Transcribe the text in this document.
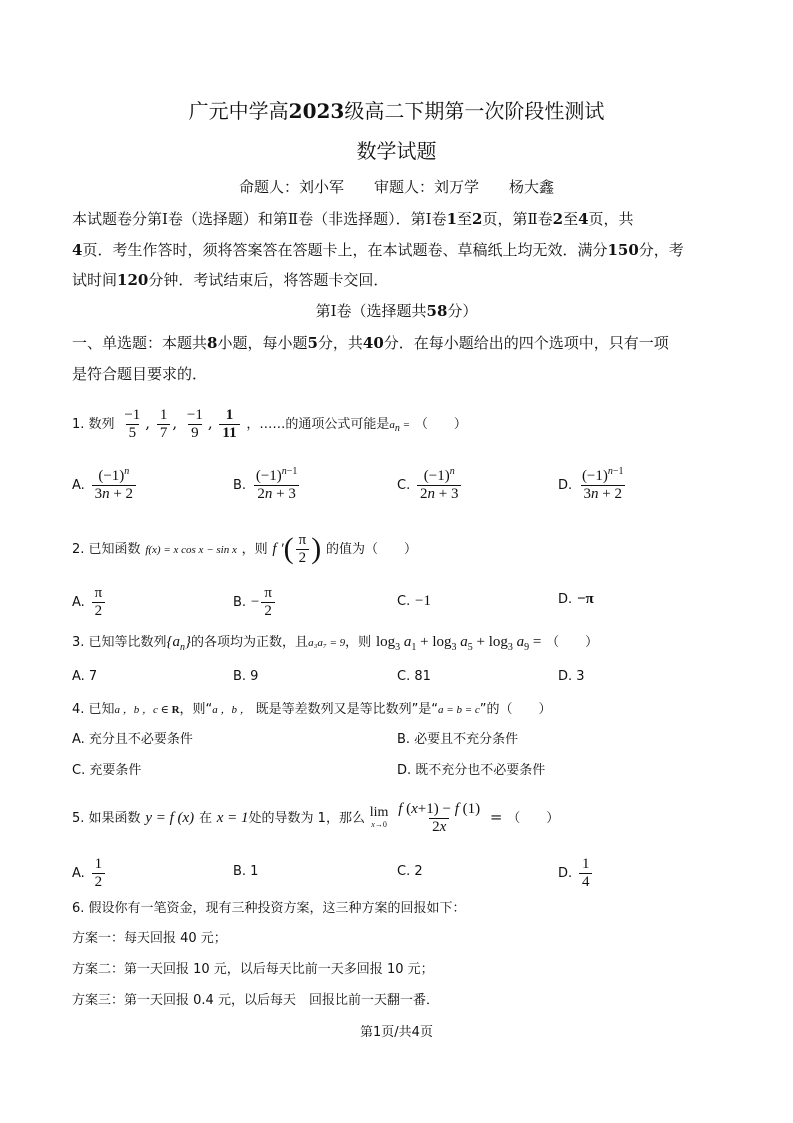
广元中学高2023级高二下期第一次阶段性测试
数学试题
命题人：刘小军　　审题人：刘万学　　杨大鑫
本试题卷分第Ⅰ卷（选择题）和第Ⅱ卷（非选择题）．第Ⅰ卷1至2页，第Ⅱ卷2至4页，共
4页．考生作答时，须将答案答在答题卡上，在本试题卷、草稿纸上均无效．满分150分，考
试时间120分钟．考试结束后，将答题卡交回．
第Ⅰ卷（选择题共58分）
一、单选题：本题共8小题，每小题5分，共40分．在每小题给出的四个选项中，只有一项
是符合题目要求的．
1. 数列 $\frac{-1}{5}$ , $\frac{1}{7}$ , $\frac{-1}{9}$ , $\frac{1}{11}$ ，……的通项公式可能是$a_n$ = （　　）
A. $\frac{(-1)^n}{3n + 2}$	B. $\frac{(-1)^{n-1}}{2n + 3}$	C. $\frac{(-1)^n}{2n + 3}$	D. $\frac{(-1)^{n-1}}{3n + 2}$
2. 已知函数 f(x) = x cos x − sin x ，则 f ′( $\frac{\pi}{2}$ ) 的值为（　　）
A. $\frac{\pi}{2}$	B. − $\frac{\pi}{2}$	C. −1	D. −π
3. 已知等比数列$\{a_n\}$的各项均为正数，且a₃a₇ = 9，则 $\log_3 a_1 + \log_3 a_5 + \log_3 a_9$ = （　　）
A. 7	B. 9	C. 81	D. 3
4. 已知a ，b ，c ∈ R，则“a ，b ， 既是等差数列又是等比数列”是“a = b = c”的（　　）
A. 充分且不必要条件	B. 必要且不充分条件
C. 充要条件	D. 既不充分也不必要条件
5. 如果函数 y = f (x) 在 x = 1处的导数为 1，那么 lim
x→0
$\frac{f (x+1) - f (1)}{2x}$ = （　　）
A. $\frac{1}{2}$	B. 1	C. 2	D. $\frac{1}{4}$
6. 假设你有一笔资金，现有三种投资方案，这三种方案的回报如下：
方案一：每天回报 40 元；
方案二：第一天回报 10 元，以后每天比前一天多回报 10 元；
方案三：第一天回报 0.4 元，以后每天　回报比前一天翻一番．
第1页/共4页
